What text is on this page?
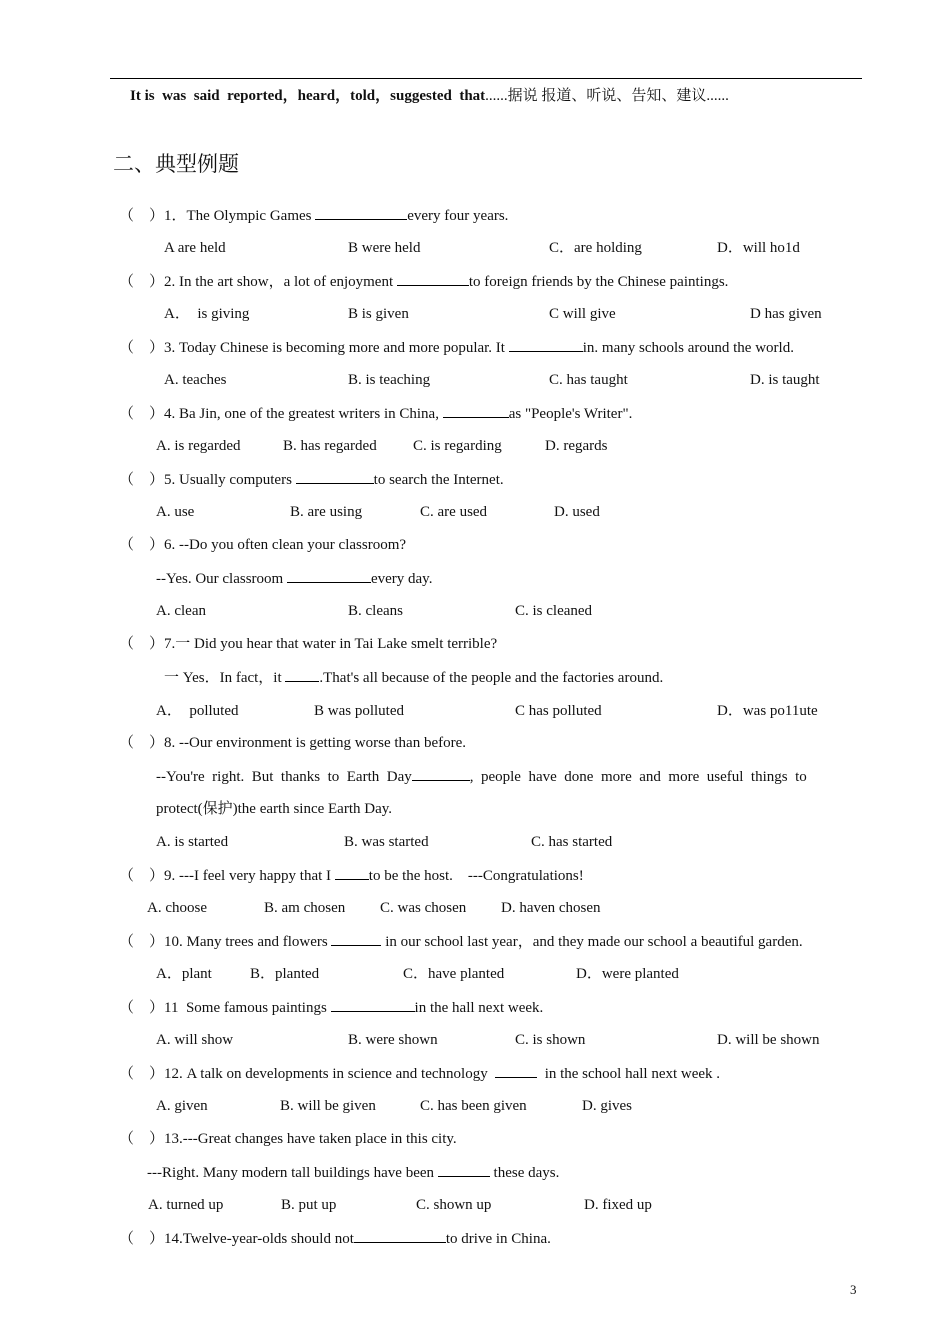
It is  was  said  reported，heard，told，suggested  that......据说 报道、听说、告知、建议......
二、典型例题
（    ）1．The Olympic Games	every four years.
A are held	B were held	C．are holding	D．will ho1d
（    ）2. In the art show，a lot of enjoyment	to foreign friends by the Chinese paintings.
A．  is giving	B is given	C will give	D has given
（    ）3. Today Chinese is becoming more and more popular. It	in. many schools around the world.
A. teaches	B. is teaching	C. has taught	D. is taught
（    ）4. Ba Jin, one of the greatest writers in China,	as "People's Writer".
A. is regarded	B. has regarded C. is regarding	D. regards
（    ）5. Usually computers	to search the Internet.
A. use	B. are using	C. are used	D. used
（    ）6. --Do you often clean your classroom?
--Yes. Our classroom	every day.
A. clean	B. cleans	C. is cleaned
（    ）7.一 Did you hear that water in Tai Lake smelt terrible?
一 Yes．In fact，it .That's all because of the people and the factories around.
A．  polluted	B was polluted	C has polluted	D．was po11ute
（    ）8. --Our environment is getting worse than before.
--You're  right.  But  thanks  to  Earth  Day	,  people  have  done  more  and  more  useful  things  to
protect(保护)the earth since Earth Day.
A. is started	B. was started	C. has started
（    ）9. ---I feel very happy that I to be the host.    ---Congratulations!
A. choose	B. am chosen C. was chosen D. haven chosen
（    ）10. Many trees and flowers	in our school last year，and they made our school a beautiful garden.
A．plant	B．planted	C．have planted	D．were planted
（    ）11  Some famous paintings	in the hall next week.
A. will show	B. were shown	C. is shown	D. will be shown
（    ）12. A talk on developments in science and technology	in the school hall next week .
A. given	B. will be given	C. has been given	D. gives
（    ）13.---Great changes have taken place in this city.
---Right. Many modern tall buildings have been	these days.
A. turned up	B. put up	C. shown up	D. fixed up
（    ）14.Twelve-year-olds should not	to drive in China.
3
